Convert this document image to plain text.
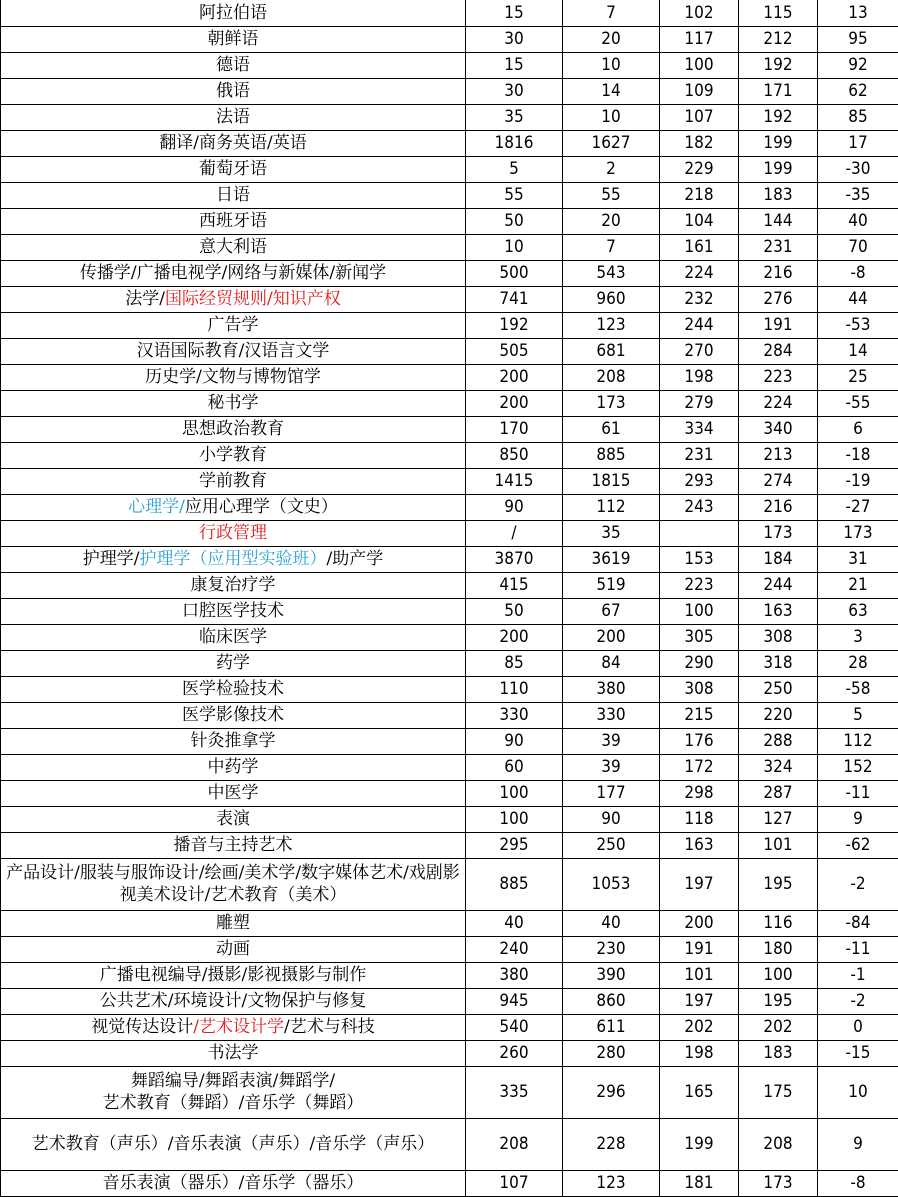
阿拉伯语	15	7	102	115	13
朝鲜语	30	20	117	212	95
德语	15	10	100	192	92
俄语	30	14	109	171	62
法语	35	10	107	192	85
翻译/商务英语/英语	1816	1627	182	199	17
葡萄牙语	5	2	229	199	-30
日语	55	55	218	183	-35
西班牙语	50	20	104	144	40
意大利语	10	7	161	231	70
传播学/广播电视学/网络与新媒体/新闻学	500	543	224	216	-8
法学/国际经贸规则/知识产权	741	960	232	276	44
广告学	192	123	244	191	-53
汉语国际教育/汉语言文学	505	681	270	284	14
历史学/文物与博物馆学	200	208	198	223	25
秘书学	200	173	279	224	-55
思想政治教育	170	61	334	340	6
小学教育	850	885	231	213	-18
学前教育	1415	1815	293	274	-19
心理学/应用心理学（文史）	90	112	243	216	-27
行政管理	/	35		173	173
护理学/护理学（应用型实验班）/助产学	3870	3619	153	184	31
康复治疗学	415	519	223	244	21
口腔医学技术	50	67	100	163	63
临床医学	200	200	305	308	3
药学	85	84	290	318	28
医学检验技术	110	380	308	250	-58
医学影像技术	330	330	215	220	5
针灸推拿学	90	39	176	288	112
中药学	60	39	172	324	152
中医学	100	177	298	287	-11
表演	100	90	118	127	9
播音与主持艺术	295	250	163	101	-62
产品设计/服装与服饰设计/绘画/美术学/数字媒体艺术/戏剧影视美术设计/艺术教育（美术）	885	1053	197	195	-2
雕塑	40	40	200	116	-84
动画	240	230	191	180	-11
广播电视编导/摄影/影视摄影与制作	380	390	101	100	-1
公共艺术/环境设计/文物保护与修复	945	860	197	195	-2
视觉传达设计/艺术设计学/艺术与科技	540	611	202	202	0
书法学	260	280	198	183	-15
舞蹈编导/舞蹈表演/舞蹈学/
艺术教育（舞蹈）/音乐学（舞蹈）	335	296	165	175	10
艺术教育（声乐）/音乐表演（声乐）/音乐学（声乐）	208	228	199	208	9
音乐表演（器乐）/音乐学（器乐）	107	123	181	173	-8
